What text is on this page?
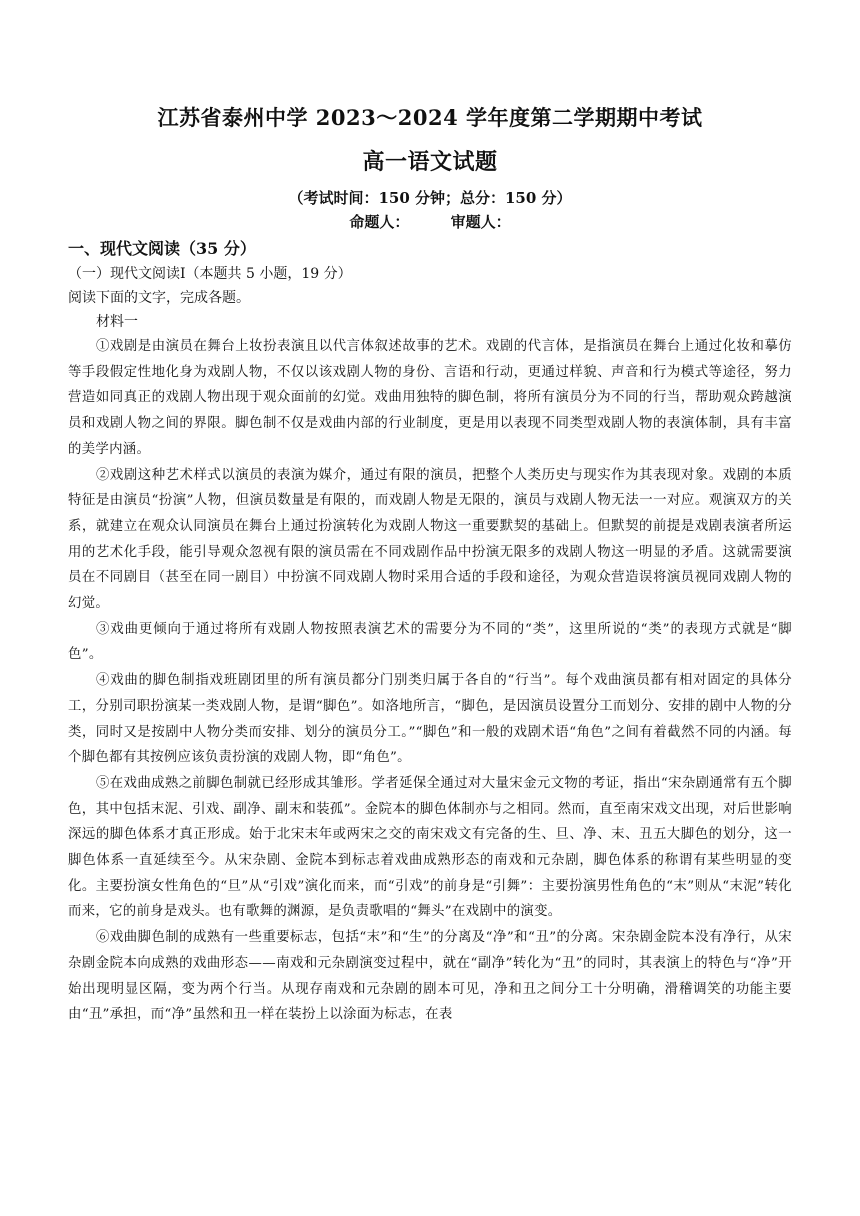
江苏省泰州中学 2023～2024 学年度第二学期期中考试
高一语文试题
（考试时间：150 分钟；总分：150 分）
命题人：	审题人：
一、现代文阅读（35 分）
（一）现代文阅读Ⅰ（本题共 5 小题，19 分）
阅读下面的文字，完成各题。
材料一

①戏剧是由演员在舞台上妆扮表演且以代言体叙述故事的艺术。戏剧的代言体，是指演员在舞台上通过化妆和摹仿等手段假定性地化身为戏剧人物，不仅以该戏剧人物的身份、言语和行动，更通过样貌、声音和行为模式等途径，努力营造如同真正的戏剧人物出现于观众面前的幻觉。戏曲用独特的脚色制，将所有演员分为不同的行当，帮助观众跨越演员和戏剧人物之间的界限。脚色制不仅是戏曲内部的行业制度，更是用以表现不同类型戏剧人物的表演体制，具有丰富的美学内涵。

②戏剧这种艺术样式以演员的表演为媒介，通过有限的演员，把整个人类历史与现实作为其表现对象。戏剧的本质特征是由演员“扮演”人物，但演员数量是有限的，而戏剧人物是无限的，演员与戏剧人物无法一一对应。观演双方的关系，就建立在观众认同演员在舞台上通过扮演转化为戏剧人物这一重要默契的基础上。但默契的前提是戏剧表演者所运用的艺术化手段，能引导观众忽视有限的演员需在不同戏剧作品中扮演无限多的戏剧人物这一明显的矛盾。这就需要演员在不同剧目（甚至在同一剧目）中扮演不同戏剧人物时采用合适的手段和途径，为观众营造误将演员视同戏剧人物的幻觉。

③戏曲更倾向于通过将所有戏剧人物按照表演艺术的需要分为不同的“类”，这里所说的“类”的表现方式就是“脚色”。

④戏曲的脚色制指戏班剧团里的所有演员都分门别类归属于各自的“行当”。每个戏曲演员都有相对固定的具体分工，分别司职扮演某一类戏剧人物，是谓“脚色”。如洛地所言，“脚色，是因演员设置分工而划分、安排的剧中人物的分类，同时又是按剧中人物分类而安排、划分的演员分工。”“脚色”和一般的戏剧术语“角色”之间有着截然不同的内涵。每个脚色都有其按例应该负责扮演的戏剧人物，即“角色”。

⑤在戏曲成熟之前脚色制就已经形成其雏形。学者延保全通过对大量宋金元文物的考证，指出“宋杂剧通常有五个脚色，其中包括末泥、引戏、副净、副末和装孤”。金院本的脚色体制亦与之相同。然而，直至南宋戏文出现，对后世影响深远的脚色体系才真正形成。始于北宋末年或两宋之交的南宋戏文有完备的生、旦、净、末、丑五大脚色的划分，这一脚色体系一直延续至今。从宋杂剧、金院本到标志着戏曲成熟形态的南戏和元杂剧，脚色体系的称谓有某些明显的变化。主要扮演女性角色的“旦”从“引戏”演化而来，而“引戏”的前身是“引舞”：主要扮演男性角色的“末”则从“末泥”转化而来，它的前身是戏头。也有歌舞的渊源，是负责歌唱的“舞头”在戏剧中的演变。

⑥戏曲脚色制的成熟有一些重要标志，包括“末”和“生”的分离及“净”和“丑”的分离。宋杂剧金院本没有净行，从宋杂剧金院本向成熟的戏曲形态——南戏和元杂剧演变过程中，就在“副净”转化为“丑”的同时，其表演上的特色与“净”开始出现明显区隔，变为两个行当。从现存南戏和元杂剧的剧本可见，净和丑之间分工十分明确，滑稽调笑的功能主要由“丑”承担，而“净”虽然和丑一样在装扮上以涂面为标志，在表
